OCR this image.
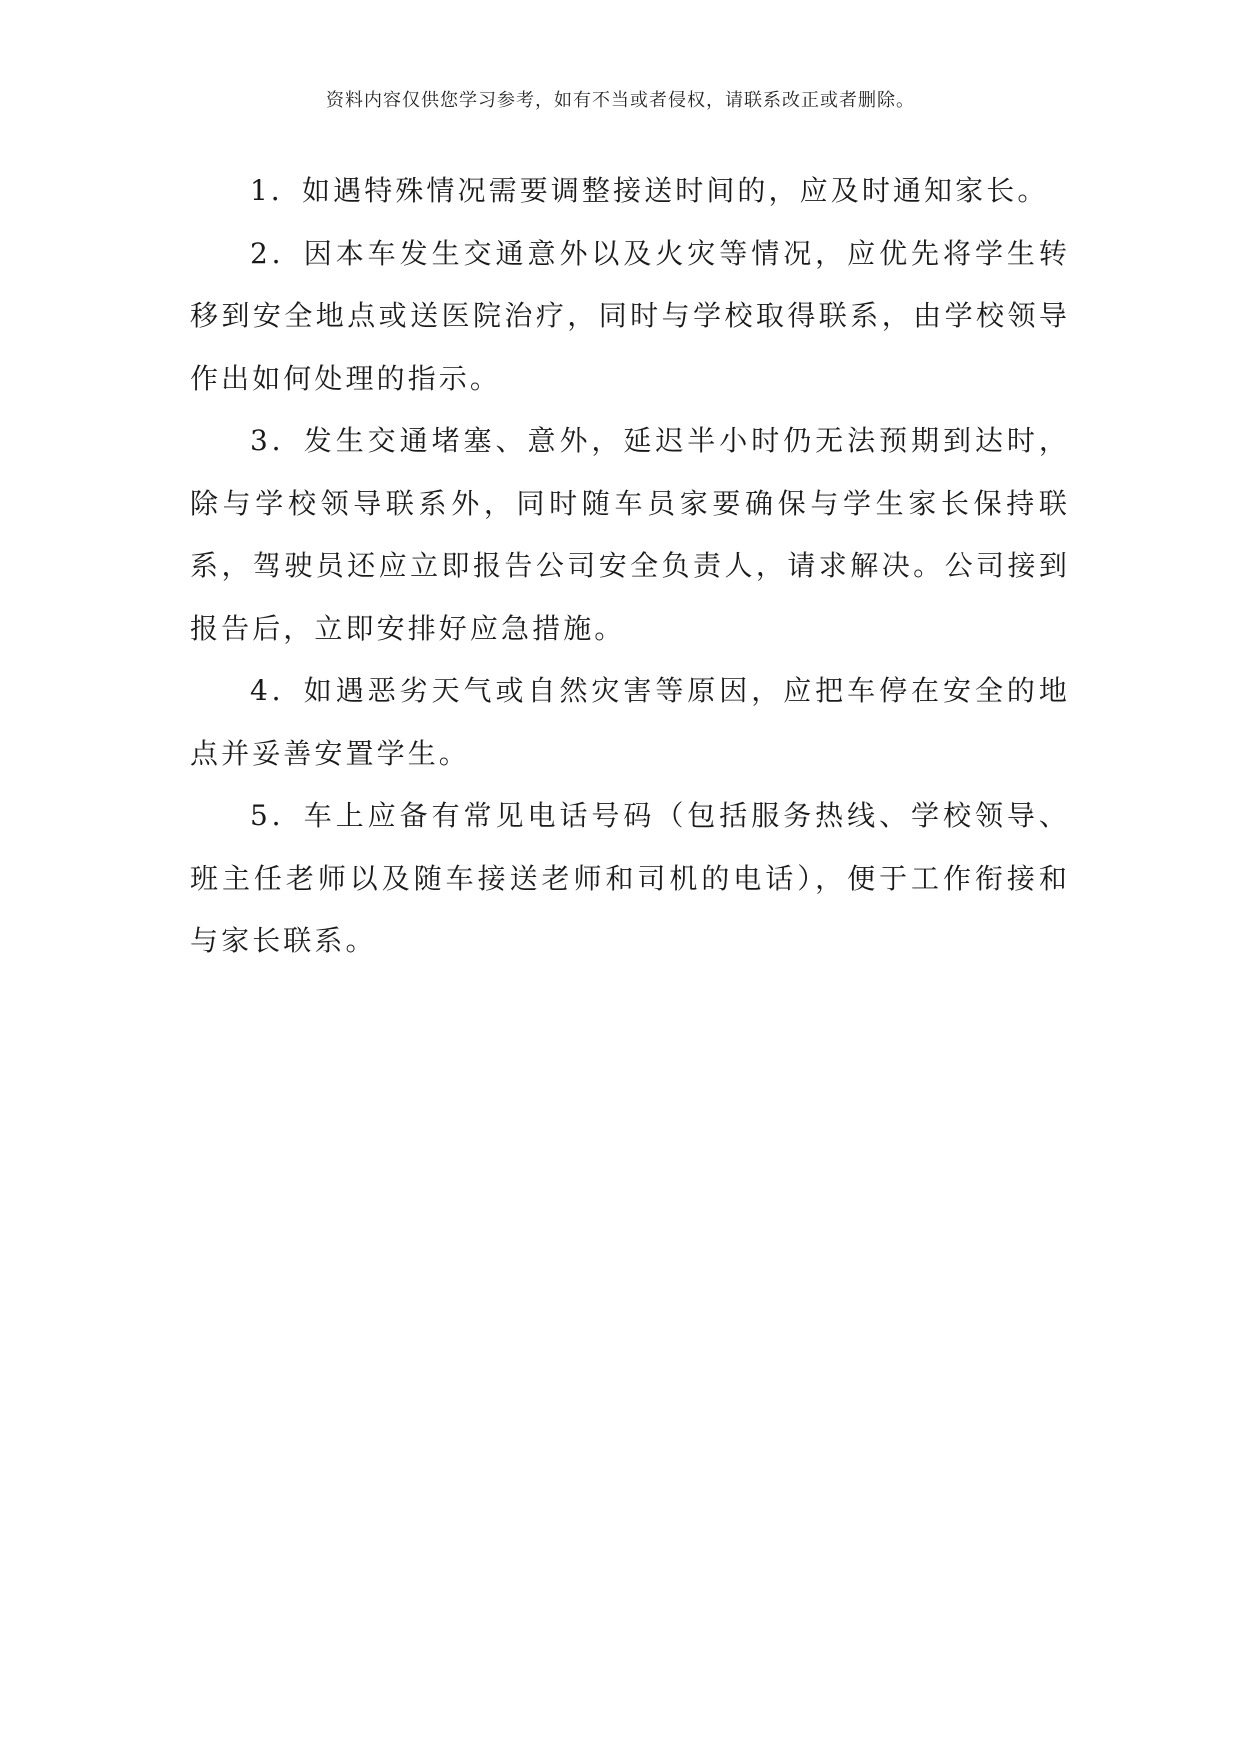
资料内容仅供您学习参考，如有不当或者侵权，请联系改正或者删除。

1．如遇特殊情况需要调整接送时间的，应及时通知家长。

2．因本车发生交通意外以及火灾等情况，应优先将学生转移到安全地点或送医院治疗，同时与学校取得联系，由学校领导作出如何处理的指示。

3．发生交通堵塞、意外，延迟半小时仍无法预期到达时，除与学校领导联系外，同时随车员家要确保与学生家长保持联系，驾驶员还应立即报告公司安全负责人，请求解决。公司接到报告后，立即安排好应急措施。

4．如遇恶劣天气或自然灾害等原因，应把车停在安全的地点并妥善安置学生。

5．车上应备有常见电话号码（包括服务热线、学校领导、班主任老师以及随车接送老师和司机的电话），便于工作衔接和与家长联系。
